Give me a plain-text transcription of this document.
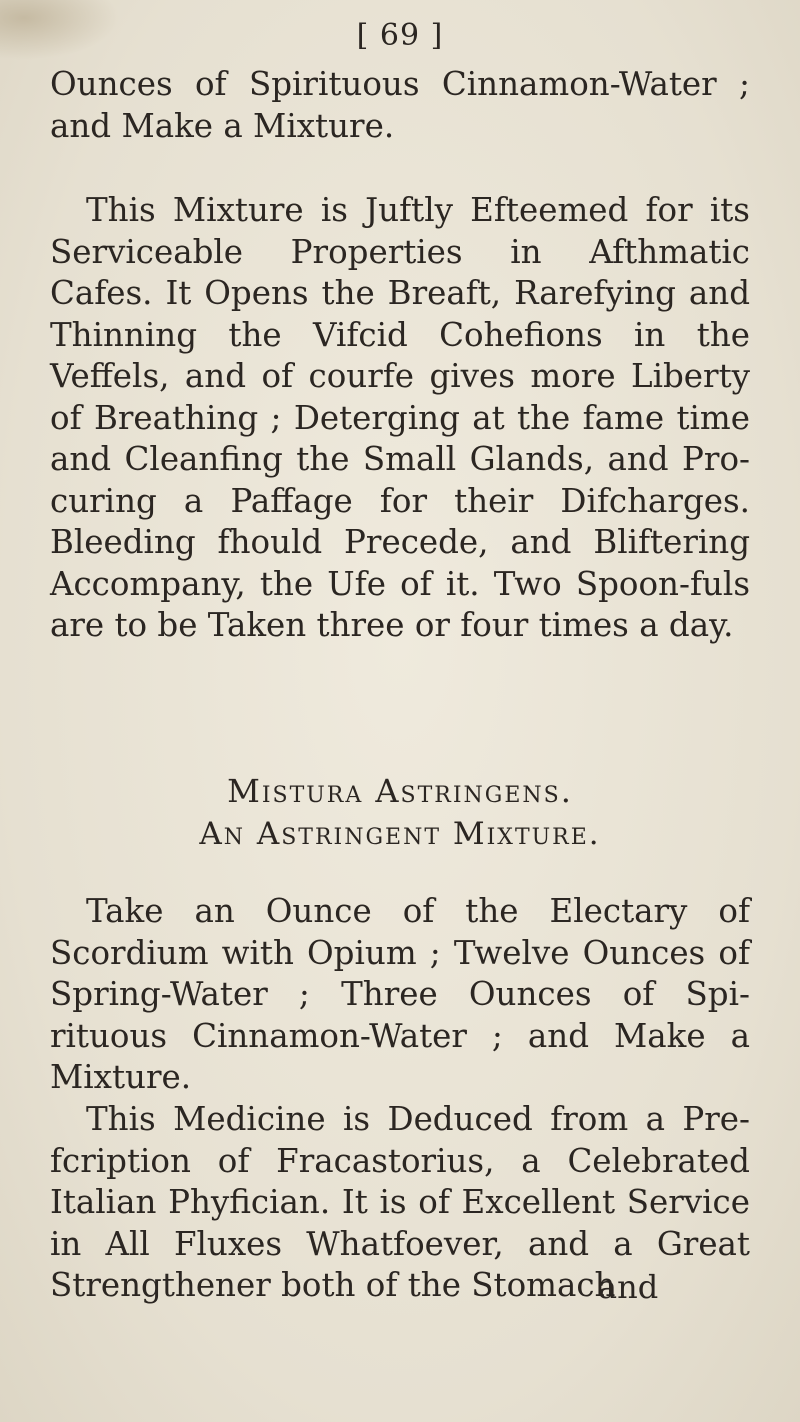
[ 69 ]

Ounces of Spirituous Cinnamon-Water ; and Make a Mixture.

This Mixture is Juftly Efteemed for its Serviceable Properties in Afthmatic Cafes. It Opens the Breaft, Rarefying and Thinning the Vifcid Cohefions in the Veffels, and of courfe gives more Liberty of Breathing ; Deterging at the fame time and Cleanfing the Small Glands, and Pro-curing a Paffage for their Difcharges. Bleeding fhould Precede, and Bliftering Accompany, the Ufe of it. Two Spoon-fuls are to be Taken three or four times a day.

Mistura Astringens.
An Astringent Mixture.

Take an Ounce of the Electary of Scordium with Opium ; Twelve Ounces of Spring-Water ; Three Ounces of Spi-rituous Cinnamon-Water ; and Make a Mixture.

This Medicine is Deduced from a Pre-fcription of Fracastorius, a Celebrated Italian Phyfician. It is of Excellent Service in All Fluxes Whatfoever, and a Great Strengthener both of the Stomach

and
